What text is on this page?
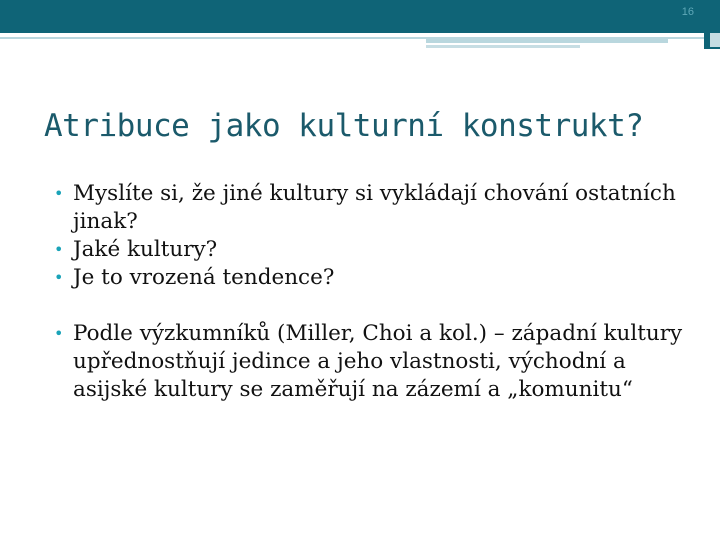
16
Atribuce jako kulturní konstrukt?
• Myslíte si, že jiné kultury si vykládají chování ostatních jinak?
• Jaké kultury?
• Je to vrozená tendence?
• Podle výzkumníků (Miller, Choi a kol.) – západní kultury upřednostňují jedince a jeho vlastnosti, východní a asijské kultury se zaměřují na zázemí a „komunitu“
